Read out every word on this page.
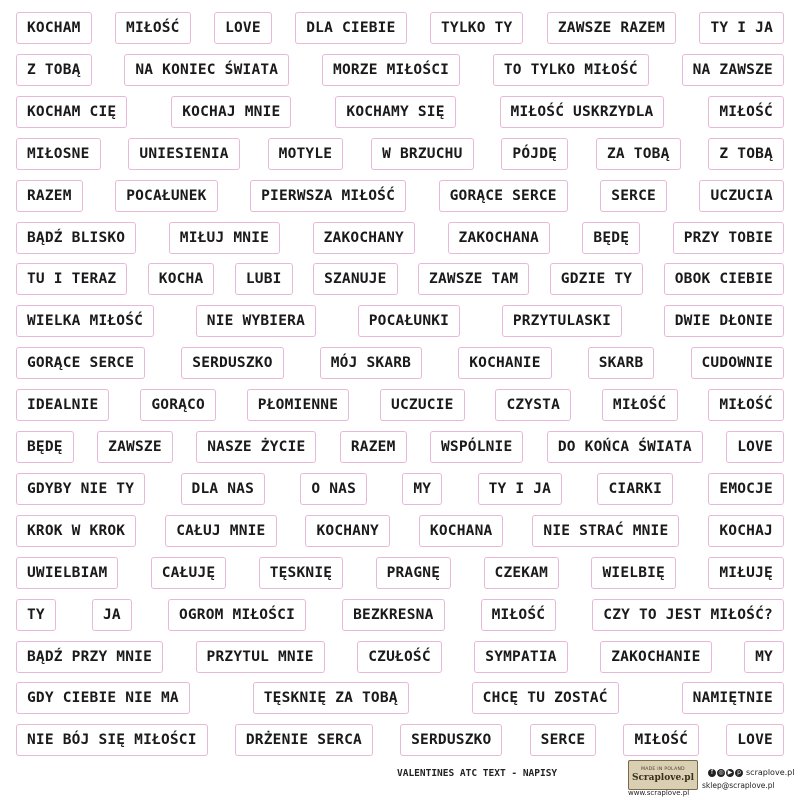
KOCHAM	MIŁOŚĆ	LOVE	DLA CIEBIE	TYLKO TY	ZAWSZE RAZEM	TY I JA
Z TOBĄ	NA KONIEC ŚWIATA	MORZE MIŁOŚCI	TO TYLKO MIŁOŚĆ	NA ZAWSZE
KOCHAM CIĘ	KOCHAJ MNIE	KOCHAMY SIĘ	MIŁOŚĆ USKRZYDLA	MIŁOŚĆ
MIŁOSNE	UNIESIENIA	MOTYLE	W BRZUCHU	PÓJDĘ	ZA TOBĄ	Z TOBĄ
RAZEM	POCAŁUNEK	PIERWSZA MIŁOŚĆ	GORĄCE SERCE	SERCE	UCZUCIA
BĄDŹ BLISKO	MIŁUJ MNIE	ZAKOCHANY	ZAKOCHANA	BĘDĘ	PRZY TOBIE
TU I TERAZ	KOCHA	LUBI	SZANUJE	ZAWSZE TAM	GDZIE TY	OBOK CIEBIE
WIELKA MIŁOŚĆ	NIE WYBIERA	POCAŁUNKI	PRZYTULASKI	DWIE DŁONIE
GORĄCE SERCE	SERDUSZKO	MÓJ SKARB	KOCHANIE	SKARB	CUDOWNIE
IDEALNIE	GORĄCO	PŁOMIENNE	UCZUCIE	CZYSTA	MIŁOŚĆ	MIŁOŚĆ
BĘDĘ	ZAWSZE	NASZE ŻYCIE	RAZEM	WSPÓLNIE	DO KOŃCA ŚWIATA	LOVE
GDYBY NIE TY	DLA NAS	O NAS	MY	TY I JA	CIARKI	EMOCJE
KROK W KROK	CAŁUJ MNIE	KOCHANY	KOCHANA	NIE STRAĆ MNIE	KOCHAJ
UWIELBIAM	CAŁUJĘ	TĘSKNIĘ	PRAGNĘ	CZEKAM	WIELBIĘ	MIŁUJĘ
TY	JA	OGROM MIŁOŚCI	BEZKRESNA	MIŁOŚĆ	CZY TO JEST MIŁOŚĆ?
BĄDŹ PRZY MNIE	PRZYTUL MNIE	CZUŁOŚĆ	SYMPATIA	ZAKOCHANIE	MY
GDY CIEBIE NIE MA	TĘSKNIĘ ZA TOBĄ	CHCĘ TU ZOSTAĆ	NAMIĘTNIE
NIE BÓJ SIĘ MIŁOŚCI	DRŻENIE SERCA	SERDUSZKO	SERCE	MIŁOŚĆ	LOVE
VALENTINES ATC TEXT - NAPISY	MADE IN POLAND
Scraplove.pl
www.scraplove.pl
f ◎ ▶ p scraplove.pl
sklep@scraplove.pl
